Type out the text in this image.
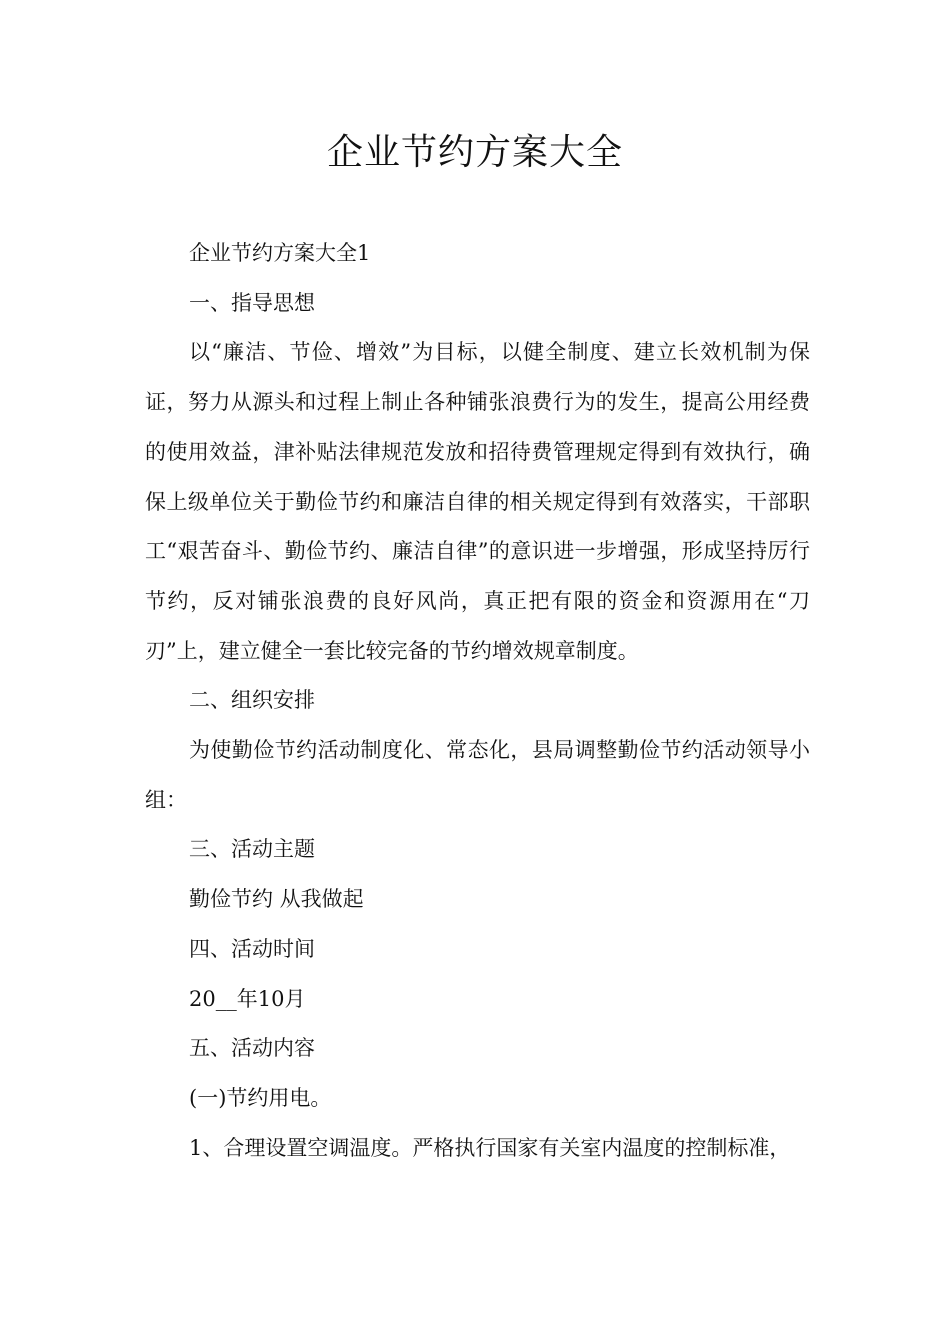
企业节约方案大全

企业节约方案大全1

一、指导思想

以“廉洁、节俭、增效”为目标，以健全制度、建立长效机制为保证，努力从源头和过程上制止各种铺张浪费行为的发生，提高公用经费的使用效益，津补贴法律规范发放和招待费管理规定得到有效执行，确保上级单位关于勤俭节约和廉洁自律的相关规定得到有效落实，干部职工“艰苦奋斗、勤俭节约、廉洁自律”的意识进一步增强，形成坚持厉行节约，反对铺张浪费的良好风尚，真正把有限的资金和资源用在“刀刃”上，建立健全一套比较完备的节约增效规章制度。

二、组织安排

为使勤俭节约活动制度化、常态化，县局调整勤俭节约活动领导小组：

三、活动主题

勤俭节约 从我做起

四、活动时间

20__年10月

五、活动内容

(一)节约用电。

1、合理设置空调温度。严格执行国家有关室内温度的控制标准，
